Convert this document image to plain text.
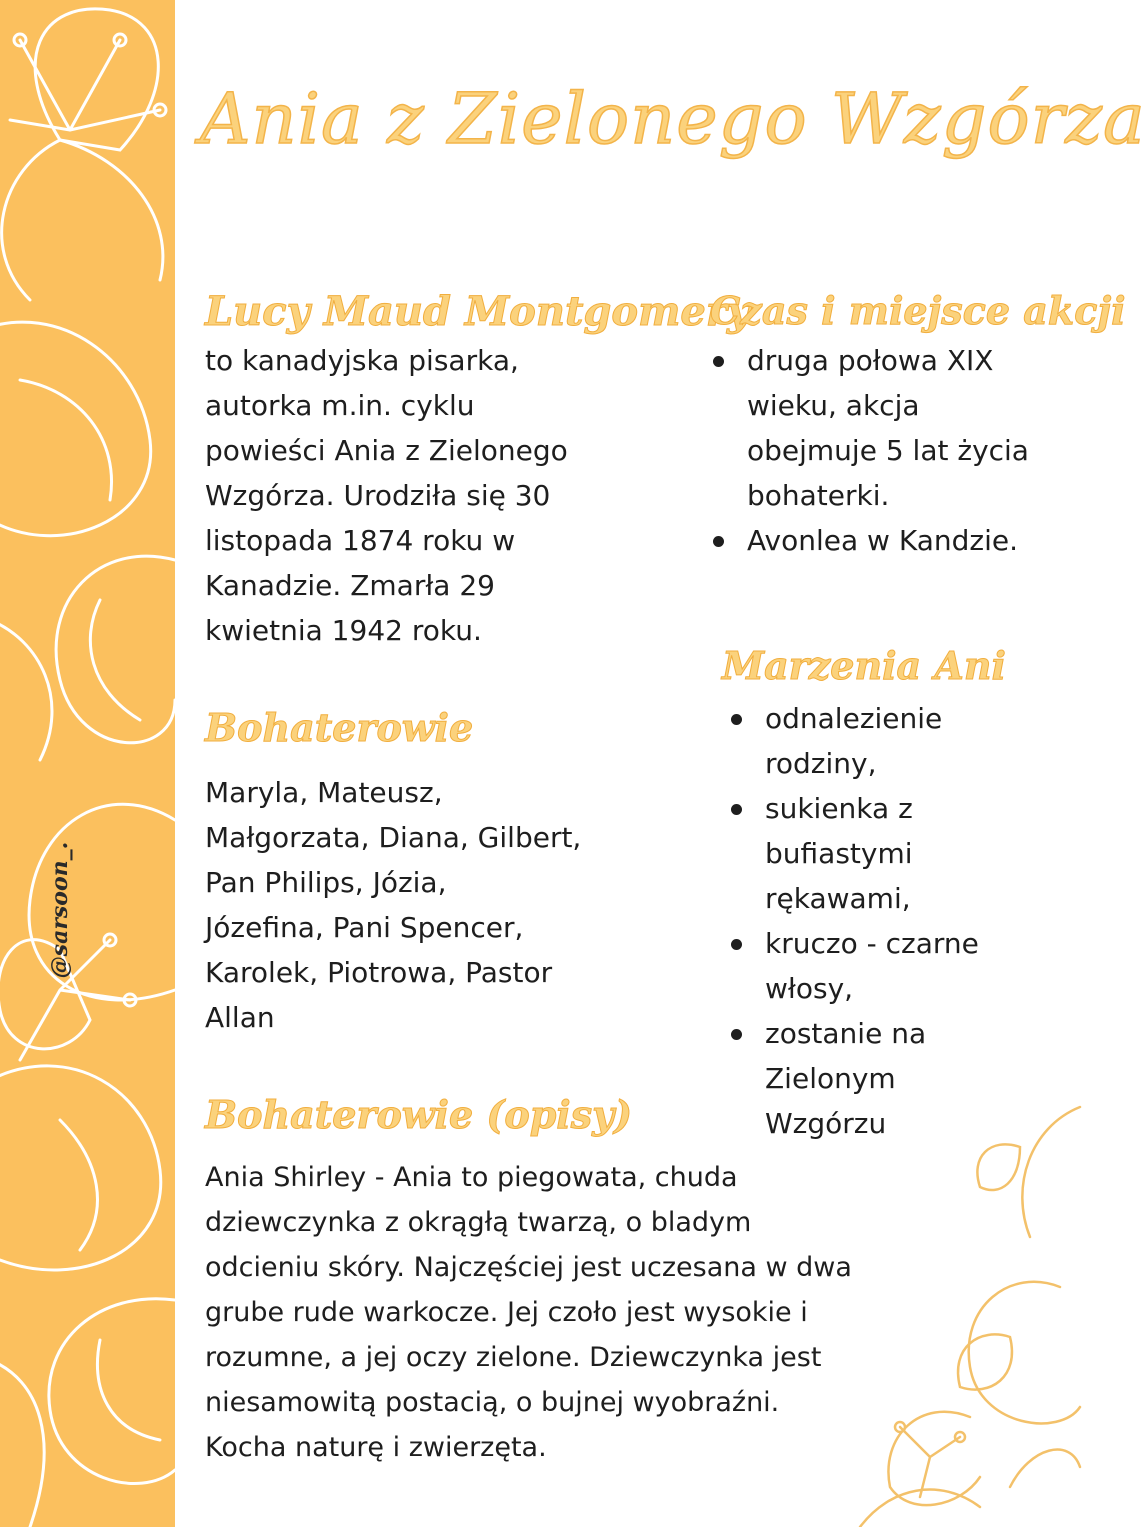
@sarsoon_.
Ania z Zielonego Wzgórza
Lucy Maud Montgomery

to kanadyjska pisarka,

autorka m.in. cyklu

powieści Ania z Zielonego

Wzgórza. Urodziła się 30

listopada 1874 roku w

Kanadzie. Zmarła 29

kwietnia 1942 roku.

Czas i miejsce akcji
druga połowa XIX wieku, akcja obejmuje 5 lat życia bohaterki.
Avonlea w Kandzie.
Marzenia Ani
odnalezienie rodziny,
sukienka z bufiastymi rękawami,
kruczo - czarne włosy,
zostanie na Zielonym Wzgórzu
Bohaterowie

Maryla, Mateusz,

Małgorzata, Diana, Gilbert,

Pan Philips, Józia,

Józefina, Pani Spencer,

Karolek, Piotrowa, Pastor

Allan

Bohaterowie (opisy)

Ania Shirley - Ania to piegowata, chuda

dziewczynka z okrągłą twarzą, o bladym

odcieniu skóry. Najczęściej jest uczesana w dwa

grube rude warkocze. Jej czoło jest wysokie i

rozumne, a jej oczy zielone. Dziewczynka jest

niesamowitą postacią, o bujnej wyobraźni.

Kocha naturę i zwierzęta.
